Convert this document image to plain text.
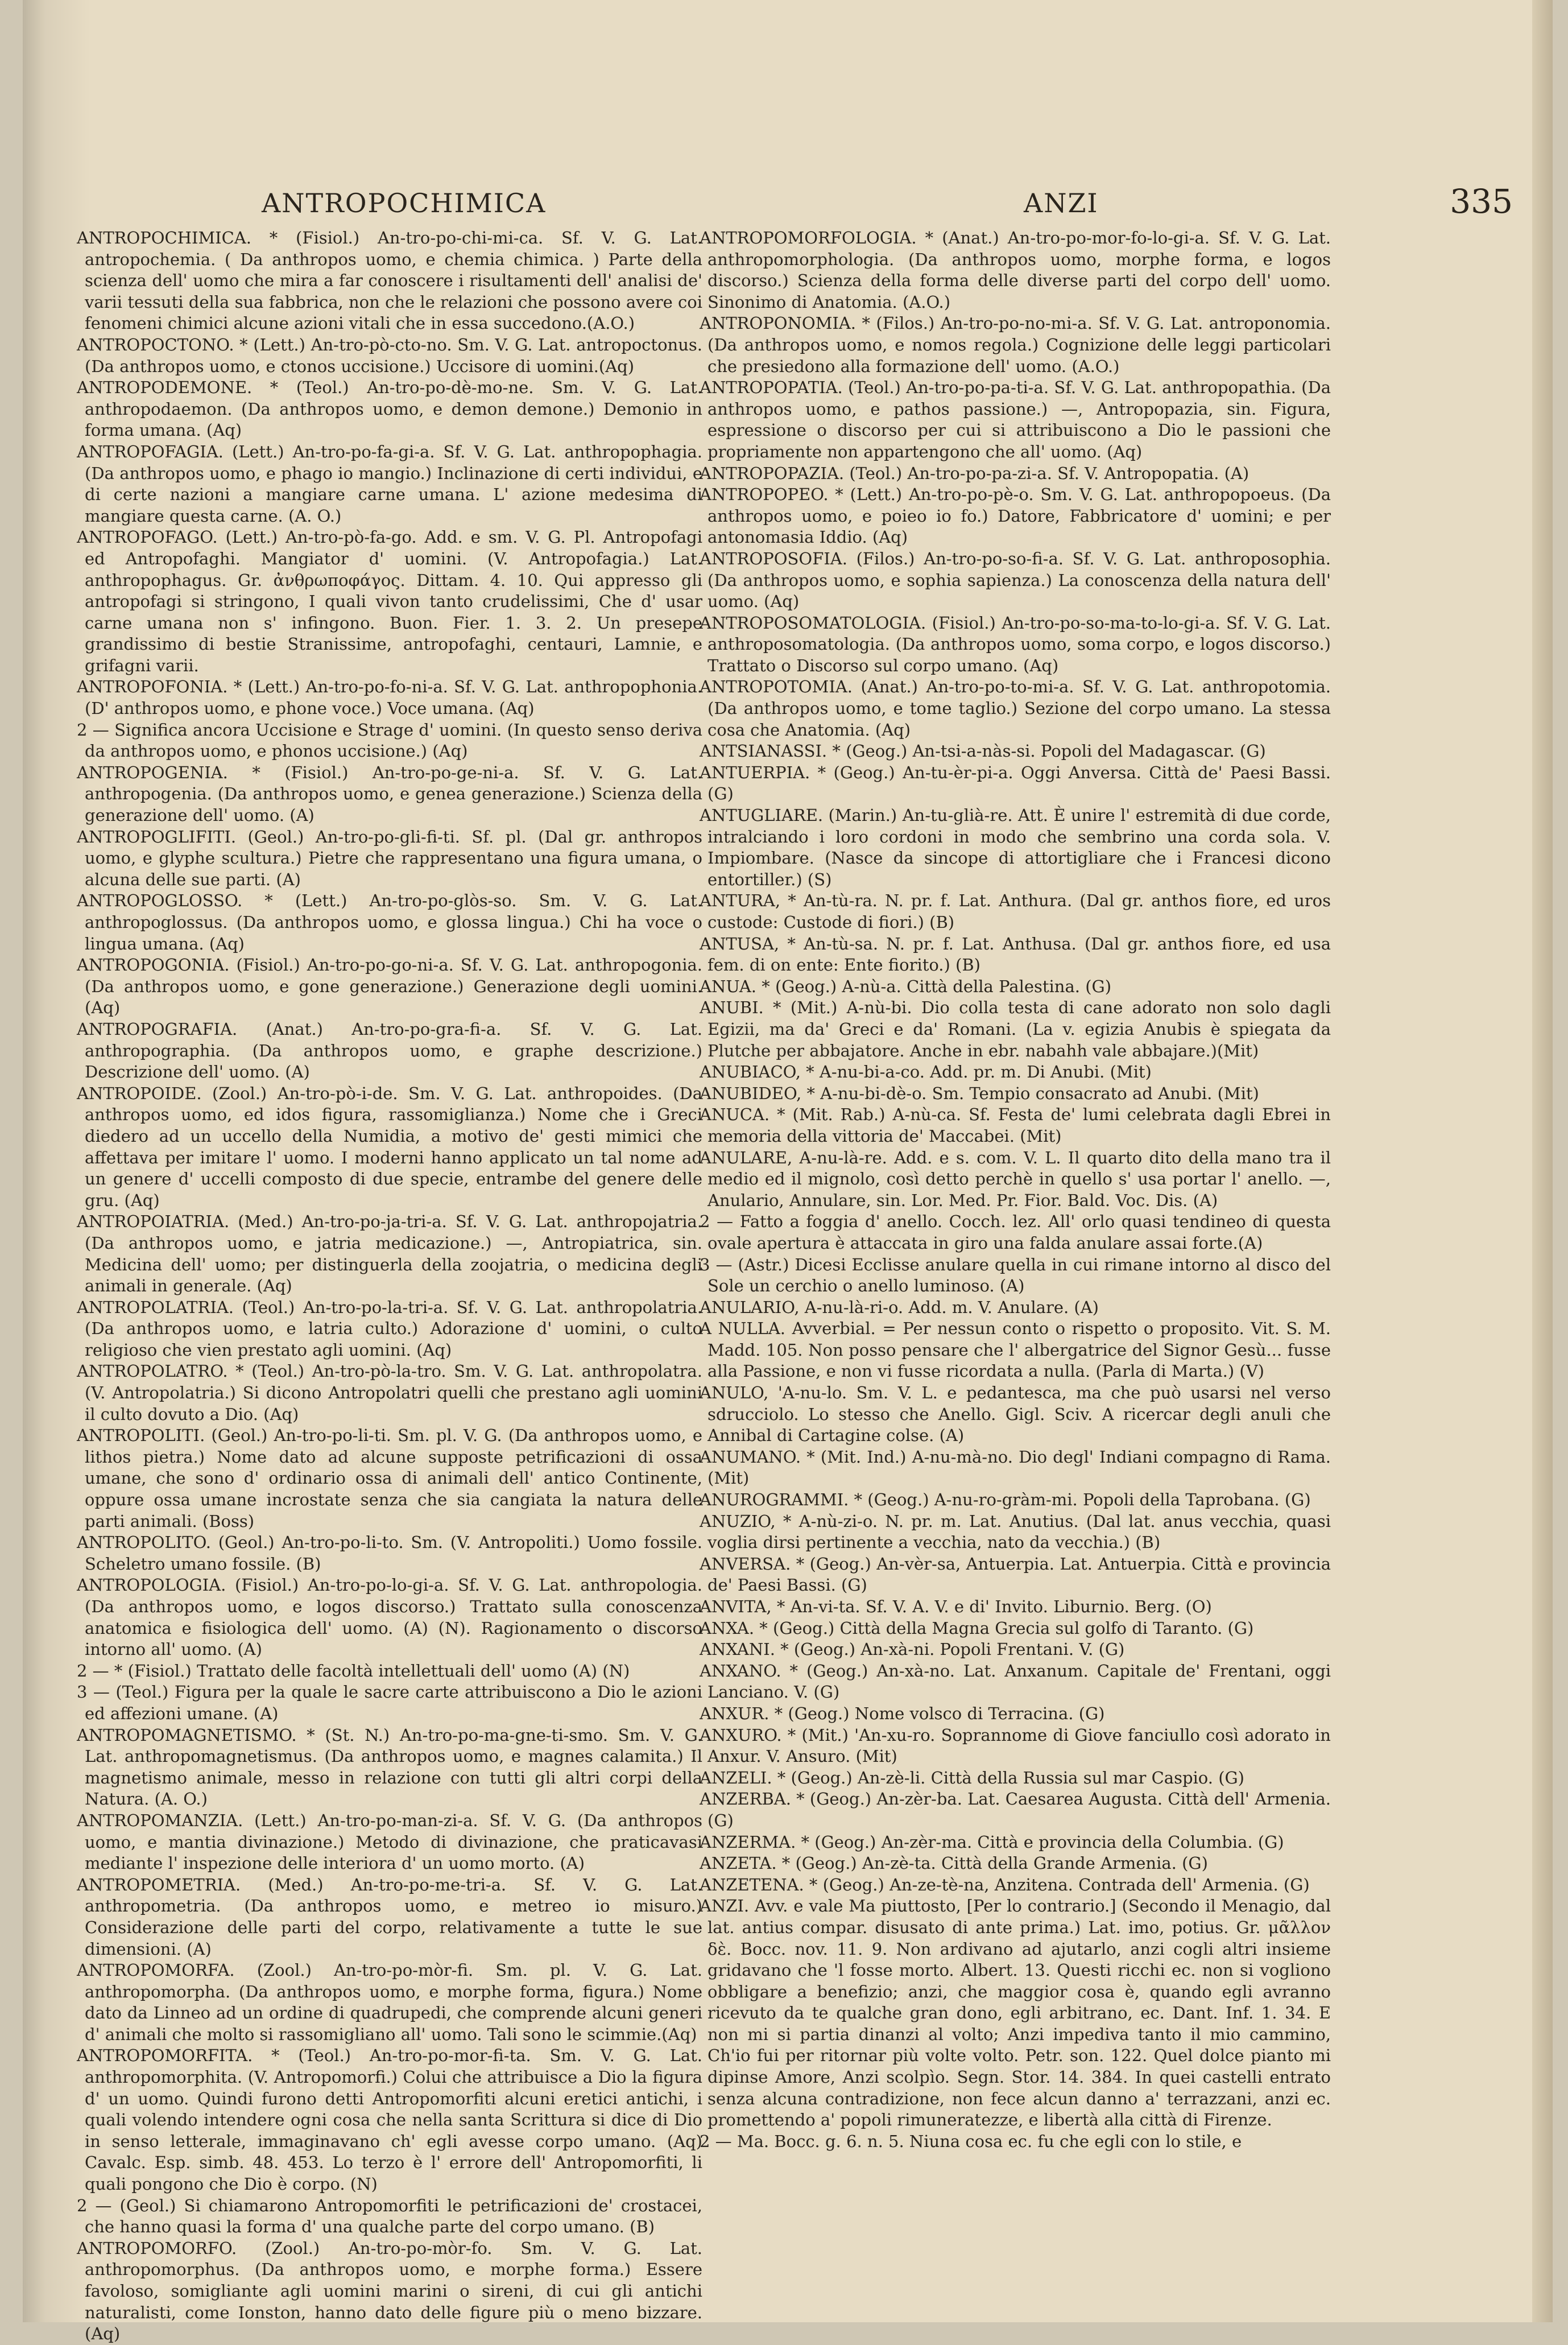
ANTROPOCHIMICA	ANZI	335

ANTROPOCHIMICA. * (Fisiol.) An-tro-po-chi-mi-ca. Sf. V. G. Lat. antropochemia. ( Da anthropos uomo, e chemia chimica. ) Parte della scienza dell' uomo che mira a far conoscere i risultamenti dell' analisi de' varii tessuti della sua fabbrica, non che le relazioni che possono avere coi fenomeni chimici alcune azioni vitali che in essa succedono.(A.O.)

ANTROPOCTONO. * (Lett.) An-tro-pò-cto-no. Sm. V. G. Lat. antropoctonus. (Da anthropos uomo, e ctonos uccisione.) Uccisore di uomini.(Aq)

ANTROPODEMONE. * (Teol.) An-tro-po-dè-mo-ne. Sm. V. G. Lat. anthropodaemon. (Da anthropos uomo, e demon demone.) Demonio in forma umana. (Aq)

ANTROPOFAGIA. (Lett.) An-tro-po-fa-gi-a. Sf. V. G. Lat. anthropophagia. (Da anthropos uomo, e phago io mangio.) Inclinazione di certi individui, e di certe nazioni a mangiare carne umana. L' azione medesima di mangiare questa carne. (A. O.)

ANTROPOFAGO. (Lett.) An-tro-pò-fa-go. Add. e sm. V. G. Pl. Antropofagi ed Antropofaghi. Mangiator d' uomini. (V. Antropofagia.) Lat. anthropophagus. Gr. ἀνθρωποφάγος. Dittam. 4. 10. Qui appresso gli antropofagi si stringono, I quali vivon tanto crudelissimi, Che d' usar carne umana non s' infingono. Buon. Fier. 1. 3. 2. Un presepe grandissimo di bestie Stranissime, antropofaghi, centauri, Lamnie, e grifagni varii.

ANTROPOFONIA. * (Lett.) An-tro-po-fo-ni-a. Sf. V. G. Lat. anthropophonia. (D' anthropos uomo, e phone voce.) Voce umana. (Aq)

2 — Significa ancora Uccisione e Strage d' uomini. (In questo senso deriva da anthropos uomo, e phonos uccisione.) (Aq)

ANTROPOGENIA. * (Fisiol.) An-tro-po-ge-ni-a. Sf. V. G. Lat. anthropogenia. (Da anthropos uomo, e genea generazione.) Scienza della generazione dell' uomo. (A)

ANTROPOGLIFITI. (Geol.) An-tro-po-gli-fi-ti. Sf. pl. (Dal gr. anthropos uomo, e glyphe scultura.) Pietre che rappresentano una figura umana, o alcuna delle sue parti. (A)

ANTROPOGLOSSO. * (Lett.) An-tro-po-glòs-so. Sm. V. G. Lat. anthropoglossus. (Da anthropos uomo, e glossa lingua.) Chi ha voce o lingua umana. (Aq)

ANTROPOGONIA. (Fisiol.) An-tro-po-go-ni-a. Sf. V. G. Lat. anthropogonia. (Da anthropos uomo, e gone generazione.) Generazione degli uomini. (Aq)

ANTROPOGRAFIA. (Anat.) An-tro-po-gra-fi-a. Sf. V. G. Lat. anthropographia. (Da anthropos uomo, e graphe descrizione.) Descrizione dell' uomo. (A)

ANTROPOIDE. (Zool.) An-tro-pò-i-de. Sm. V. G. Lat. anthropoides. (Da anthropos uomo, ed idos figura, rassomiglianza.) Nome che i Greci diedero ad un uccello della Numidia, a motivo de' gesti mimici che affettava per imitare l' uomo. I moderni hanno applicato un tal nome ad un genere d' uccelli composto di due specie, entrambe del genere delle gru. (Aq)

ANTROPOIATRIA. (Med.) An-tro-po-ja-tri-a. Sf. V. G. Lat. anthropojatria. (Da anthropos uomo, e jatria medicazione.) —, Antropiatrica, sin. Medicina dell' uomo; per distinguerla della zoojatria, o medicina degli animali in generale. (Aq)

ANTROPOLATRIA. (Teol.) An-tro-po-la-tri-a. Sf. V. G. Lat. anthropolatria. (Da anthropos uomo, e latria culto.) Adorazione d' uomini, o culto religioso che vien prestato agli uomini. (Aq)

ANTROPOLATRO. * (Teol.) An-tro-pò-la-tro. Sm. V. G. Lat. anthropolatra. (V. Antropolatria.) Si dicono Antropolatri quelli che prestano agli uomini il culto dovuto a Dio. (Aq)

ANTROPOLITI. (Geol.) An-tro-po-li-ti. Sm. pl. V. G. (Da anthropos uomo, e lithos pietra.) Nome dato ad alcune supposte petrificazioni di ossa umane, che sono d' ordinario ossa di animali dell' antico Continente, oppure ossa umane incrostate senza che sia cangiata la natura delle parti animali. (Boss)

ANTROPOLITO. (Geol.) An-tro-po-li-to. Sm. (V. Antropoliti.) Uomo fossile. Scheletro umano fossile. (B)

ANTROPOLOGIA. (Fisiol.) An-tro-po-lo-gi-a. Sf. V. G. Lat. anthropologia. (Da anthropos uomo, e logos discorso.) Trattato sulla conoscenza anatomica e fisiologica dell' uomo. (A) (N). Ragionamento o discorso intorno all' uomo. (A)

2 — * (Fisiol.) Trattato delle facoltà intellettuali dell' uomo (A) (N)

3 — (Teol.) Figura per la quale le sacre carte attribuiscono a Dio le azioni ed affezioni umane. (A)

ANTROPOMAGNETISMO. * (St. N.) An-tro-po-ma-gne-ti-smo. Sm. V. G. Lat. anthropomagnetismus. (Da anthropos uomo, e magnes calamita.) Il magnetismo animale, messo in relazione con tutti gli altri corpi della Natura. (A. O.)

ANTROPOMANZIA. (Lett.) An-tro-po-man-zi-a. Sf. V. G. (Da anthropos uomo, e mantia divinazione.) Metodo di divinazione, che praticavasi mediante l' inspezione delle interiora d' un uomo morto. (A)

ANTROPOMETRIA. (Med.) An-tro-po-me-tri-a. Sf. V. G. Lat. anthropometria. (Da anthropos uomo, e metreo io misuro.) Considerazione delle parti del corpo, relativamente a tutte le sue dimensioni. (A)

ANTROPOMORFA. (Zool.) An-tro-po-mòr-fi. Sm. pl. V. G. Lat. anthropomorpha. (Da anthropos uomo, e morphe forma, figura.) Nome dato da Linneo ad un ordine di quadrupedi, che comprende alcuni generi d' animali che molto si rassomigliano all' uomo. Tali sono le scimmie.(Aq)

ANTROPOMORFITA. * (Teol.) An-tro-po-mor-fi-ta. Sm. V. G. Lat. anthropomorphita. (V. Antropomorfi.) Colui che attribuisce a Dio la figura d' un uomo. Quindi furono detti Antropomorfiti alcuni eretici antichi, i quali volendo intendere ogni cosa che nella santa Scrittura si dice di Dio in senso letterale, immaginavano ch' egli avesse corpo umano. (Aq) Cavalc. Esp. simb. 48. 453. Lo terzo è l' errore dell' Antropomorfiti, li quali pongono che Dio è corpo. (N)

2 — (Geol.) Si chiamarono Antropomorfiti le petrificazioni de' crostacei, che hanno quasi la forma d' una qualche parte del corpo umano. (B)

ANTROPOMORFO. (Zool.) An-tro-po-mòr-fo. Sm. V. G. Lat. anthropomorphus. (Da anthropos uomo, e morphe forma.) Essere favoloso, somigliante agli uomini marini o sireni, di cui gli antichi naturalisti, come Ionston, hanno dato delle figure più o meno bizzare. (Aq)

ANTROPOMORFOLOGIA. * (Anat.) An-tro-po-mor-fo-lo-gi-a. Sf. V. G. Lat. anthropomorphologia. (Da anthropos uomo, morphe forma, e logos discorso.) Scienza della forma delle diverse parti del corpo dell' uomo. Sinonimo di Anatomia. (A.O.)

ANTROPONOMIA. * (Filos.) An-tro-po-no-mi-a. Sf. V. G. Lat. antroponomia. (Da anthropos uomo, e nomos regola.) Cognizione delle leggi particolari che presiedono alla formazione dell' uomo. (A.O.)

ANTROPOPATIA. (Teol.) An-tro-po-pa-ti-a. Sf. V. G. Lat. anthropopathia. (Da anthropos uomo, e pathos passione.) —, Antropopazia, sin. Figura, espressione o discorso per cui si attribuiscono a Dio le passioni che propriamente non appartengono che all' uomo. (Aq)

ANTROPOPAZIA. (Teol.) An-tro-po-pa-zi-a. Sf. V. Antropopatia. (A)

ANTROPOPEO. * (Lett.) An-tro-po-pè-o. Sm. V. G. Lat. anthropopoeus. (Da anthropos uomo, e poieo io fo.) Datore, Fabbricatore d' uomini; e per antonomasia Iddio. (Aq)

ANTROPOSOFIA. (Filos.) An-tro-po-so-fi-a. Sf. V. G. Lat. anthroposophia. (Da anthropos uomo, e sophia sapienza.) La conoscenza della natura dell' uomo. (Aq)

ANTROPOSOMATOLOGIA. (Fisiol.) An-tro-po-so-ma-to-lo-gi-a. Sf. V. G. Lat. anthroposomatologia. (Da anthropos uomo, soma corpo, e logos discorso.) Trattato o Discorso sul corpo umano. (Aq)

ANTROPOTOMIA. (Anat.) An-tro-po-to-mi-a. Sf. V. G. Lat. anthropotomia. (Da anthropos uomo, e tome taglio.) Sezione del corpo umano. La stessa cosa che Anatomia. (Aq)

ANTSIANASSI. * (Geog.) An-tsi-a-nàs-si. Popoli del Madagascar. (G)

ANTUERPIA. * (Geog.) An-tu-èr-pi-a. Oggi Anversa. Città de' Paesi Bassi. (G)

ANTUGLIARE. (Marin.) An-tu-glià-re. Att. È unire l' estremità di due corde, intralciando i loro cordoni in modo che sembrino una corda sola. V. Impiombare. (Nasce da sincope di attortigliare che i Francesi dicono entortiller.) (S)

ANTURA, * An-tù-ra. N. pr. f. Lat. Anthura. (Dal gr. anthos fiore, ed uros custode: Custode di fiori.) (B)

ANTUSA, * An-tù-sa. N. pr. f. Lat. Anthusa. (Dal gr. anthos fiore, ed usa fem. di on ente: Ente fiorito.) (B)

ANUA. * (Geog.) A-nù-a. Città della Palestina. (G)

ANUBI. * (Mit.) A-nù-bi. Dio colla testa di cane adorato non solo dagli Egizii, ma da' Greci e da' Romani. (La v. egizia Anubis è spiegata da Plutche per abbajatore. Anche in ebr. nabahh vale abbajare.)(Mit)

ANUBIACO, * A-nu-bi-a-co. Add. pr. m. Di Anubi. (Mit)

ANUBIDEO, * A-nu-bi-dè-o. Sm. Tempio consacrato ad Anubi. (Mit)

ANUCA. * (Mit. Rab.) A-nù-ca. Sf. Festa de' lumi celebrata dagli Ebrei in memoria della vittoria de' Maccabei. (Mit)

ANULARE, A-nu-là-re. Add. e s. com. V. L. Il quarto dito della mano tra il medio ed il mignolo, così detto perchè in quello s' usa portar l' anello. —, Anulario, Annulare, sin. Lor. Med. Pr. Fior. Bald. Voc. Dis. (A)

2 — Fatto a foggia d' anello. Cocch. lez. All' orlo quasi tendineo di questa ovale apertura è attaccata in giro una falda anulare assai forte.(A)

3 — (Astr.) Dicesi Ecclisse anulare quella in cui rimane intorno al disco del Sole un cerchio o anello luminoso. (A)

ANULARIO, A-nu-là-ri-o. Add. m. V. Anulare. (A)

A NULLA. Avverbial. = Per nessun conto o rispetto o proposito. Vit. S. M. Madd. 105. Non posso pensare che l' albergatrice del Signor Gesù... fusse alla Passione, e non vi fusse ricordata a nulla. (Parla di Marta.) (V)

ANULO, 'A-nu-lo. Sm. V. L. e pedantesca, ma che può usarsi nel verso sdrucciolo. Lo stesso che Anello. Gigl. Sciv. A ricercar degli anuli che Annibal di Cartagine colse. (A)

ANUMANO. * (Mit. Ind.) A-nu-mà-no. Dio degl' Indiani compagno di Rama. (Mit)

ANUROGRAMMI. * (Geog.) A-nu-ro-gràm-mi. Popoli della Taprobana. (G)

ANUZIO, * A-nù-zi-o. N. pr. m. Lat. Anutius. (Dal lat. anus vecchia, quasi voglia dirsi pertinente a vecchia, nato da vecchia.) (B)

ANVERSA. * (Geog.) An-vèr-sa, Antuerpia. Lat. Antuerpia. Città e provincia de' Paesi Bassi. (G)

ANVITA, * An-vi-ta. Sf. V. A. V. e di' Invito. Liburnio. Berg. (O)

ANXA. * (Geog.) Città della Magna Grecia sul golfo di Taranto. (G)

ANXANI. * (Geog.) An-xà-ni. Popoli Frentani. V. (G)

ANXANO. * (Geog.) An-xà-no. Lat. Anxanum. Capitale de' Frentani, oggi Lanciano. V. (G)

ANXUR. * (Geog.) Nome volsco di Terracina. (G)

ANXURO. * (Mit.) 'An-xu-ro. Soprannome di Giove fanciullo così adorato in Anxur. V. Ansuro. (Mit)

ANZELI. * (Geog.) An-zè-li. Città della Russia sul mar Caspio. (G)

ANZERBA. * (Geog.) An-zèr-ba. Lat. Caesarea Augusta. Città dell' Armenia. (G)

ANZERMA. * (Geog.) An-zèr-ma. Città e provincia della Columbia. (G)

ANZETA. * (Geog.) An-zè-ta. Città della Grande Armenia. (G)

ANZETENA. * (Geog.) An-ze-tè-na, Anzitena. Contrada dell' Armenia. (G)

ANZI. Avv. e vale Ma piuttosto, [Per lo contrario.] (Secondo il Menagio, dal lat. antius compar. disusato di ante prima.) Lat. imo, potius. Gr. μᾶλλον δὲ. Bocc. nov. 11. 9. Non ardivano ad ajutarlo, anzi cogli altri insieme gridavano che 'l fosse morto. Albert. 13. Questi ricchi ec. non si vogliono obbligare a benefizio; anzi, che maggior cosa è, quando egli avranno ricevuto da te qualche gran dono, egli arbitrano, ec. Dant. Inf. 1. 34. E non mi si partia dinanzi al volto; Anzi impediva tanto il mio cammino, Ch'io fui per ritornar più volte volto. Petr. son. 122. Quel dolce pianto mi dipinse Amore, Anzi scolpìo. Segn. Stor. 14. 384. In quei castelli entrato senza alcuna contradizione, non fece alcun danno a' terrazzani, anzi ec. promettendo a' popoli rimuneratezze, e libertà alla città di Firenze.

2 — Ma. Bocc. g. 6. n. 5. Niuna cosa ec. fu che egli con lo stile, e
